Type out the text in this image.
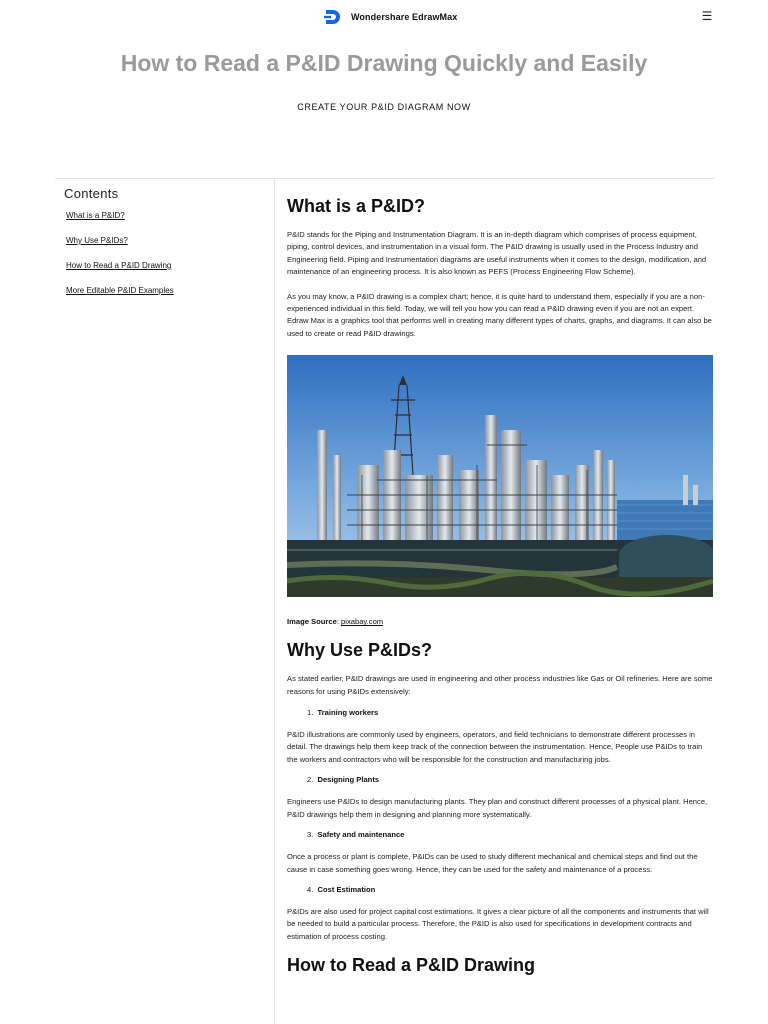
Wondershare EdrawMax	☰
How to Read a P&ID Drawing Quickly and Easily
CREATE YOUR P&ID DIAGRAM NOW
Contents
What is a P&ID?
Why Use P&IDs?
How to Read a P&ID Drawing
More Editable P&ID Examples
What is a P&ID?

P&ID stands for the Piping and Instrumentation Diagram. It is an in-depth diagram which comprises of process equipment, piping, control devices, and instrumentation in a visual form. The P&ID drawing is usually used in the Process Industry and Engineering field. Piping and Instrumentation diagrams are useful instruments when it comes to the design, modification, and maintenance of an engineering process. It is also known as PEFS (Process Engineering Flow Scheme).

As you may know, a P&ID drawing is a complex chart; hence, it is quite hard to understand them, especially if you are a non-experienced individual in this field. Today, we will tell you how you can read a P&ID drawing even if you are not an expert. Edraw Max is a graphics tool that performs well in creating many different types of charts, graphs, and diagrams. It can also be used to create or read P&ID drawings.

Image Source: pixabay.com

Why Use P&IDs?

As stated earlier, P&ID drawings are used in engineering and other process industries like Gas or Oil refineries. Here are some reasons for using P&IDs extensively:

1. Training workers

P&ID illustrations are commonly used by engineers, operators, and field technicians to demonstrate different processes in detail. The drawings help them keep track of the connection between the instrumentation. Hence, People use P&IDs to train the workers and contractors who will be responsible for the construction and manufacturing jobs.

2. Designing Plants

Engineers use P&IDs to design manufacturing plants. They plan and construct different processes of a physical plant. Hence, P&ID drawings help them in designing and planning more systematically.

3. Safety and maintenance

Once a process or plant is complete, P&IDs can be used to study different mechanical and chemical steps and find out the cause in case something goes wrong. Hence, they can be used for the safety and maintenance of a process.

4. Cost Estimation

P&IDs are also used for project capital cost estimations. It gives a clear picture of all the components and instruments that will be needed to build a particular process. Therefore, the P&ID is also used for specifications in development contracts and estimation of process costing.

How to Read a P&ID Drawing
